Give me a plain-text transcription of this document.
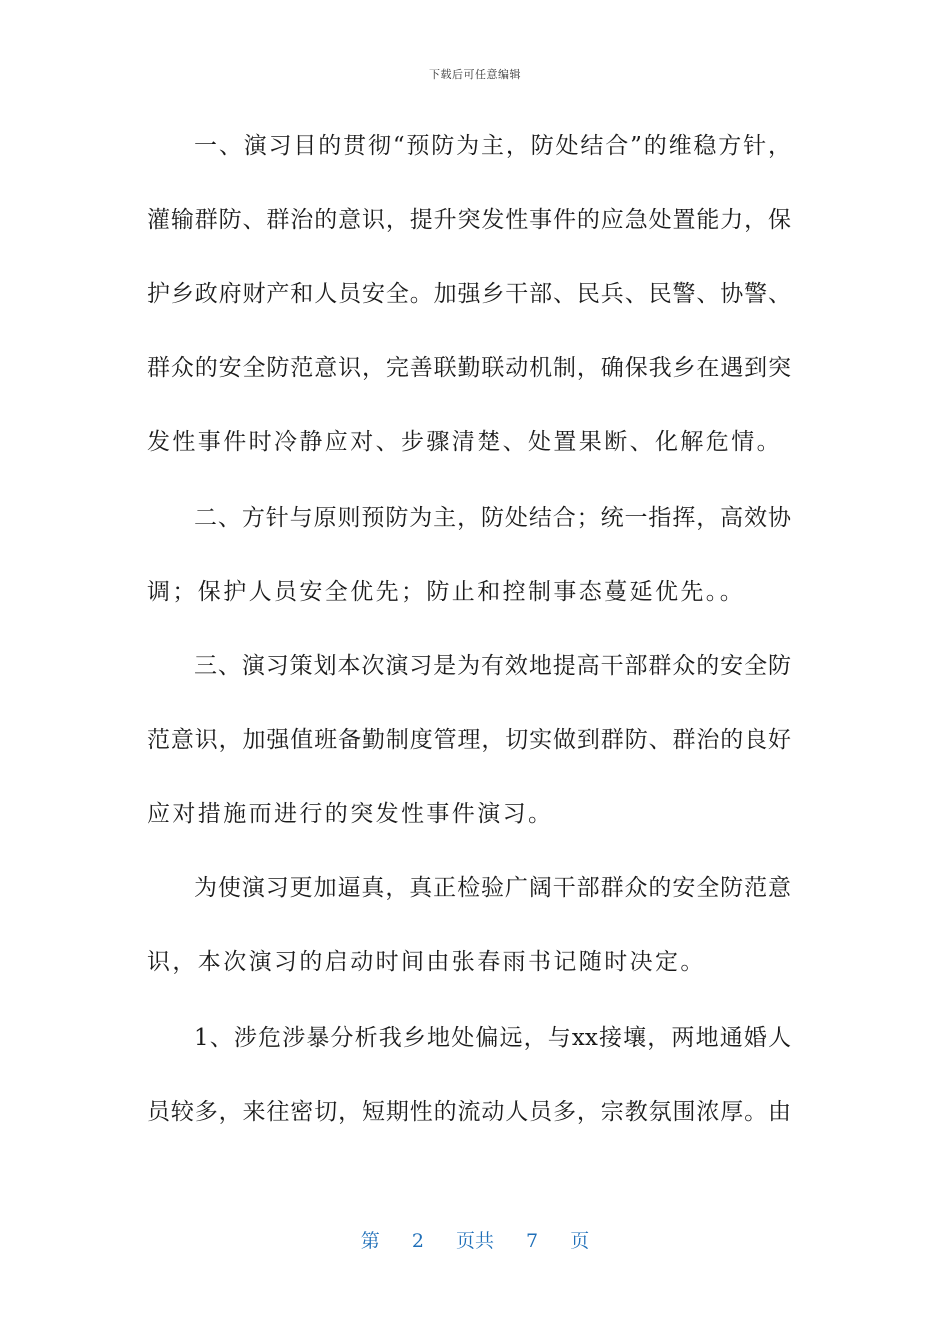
下载后可任意编辑
一、演习目的贯彻“预防为主，防处结合”的维稳方针，
灌输群防、群治的意识，提升突发性事件的应急处置能力，保
护乡政府财产和人员安全。加强乡干部、民兵、民警、协警、
群众的安全防范意识，完善联勤联动机制，确保我乡在遇到突
发性事件时冷静应对、步骤清楚、处置果断、化解危情。
二、方针与原则预防为主，防处结合；统一指挥，高效协
调；保护人员安全优先；防止和控制事态蔓延优先。。
三、演习策划本次演习是为有效地提高干部群众的安全防
范意识，加强值班备勤制度管理，切实做到群防、群治的良好
应对措施而进行的突发性事件演习。
为使演习更加逼真，真正检验广阔干部群众的安全防范意
识，本次演习的启动时间由张春雨书记随时决定。
1、涉危涉暴分析我乡地处偏远，与xx接壤，两地通婚人
员较多，来往密切，短期性的流动人员多，宗教氛围浓厚。由
第 2 页共 7 页
